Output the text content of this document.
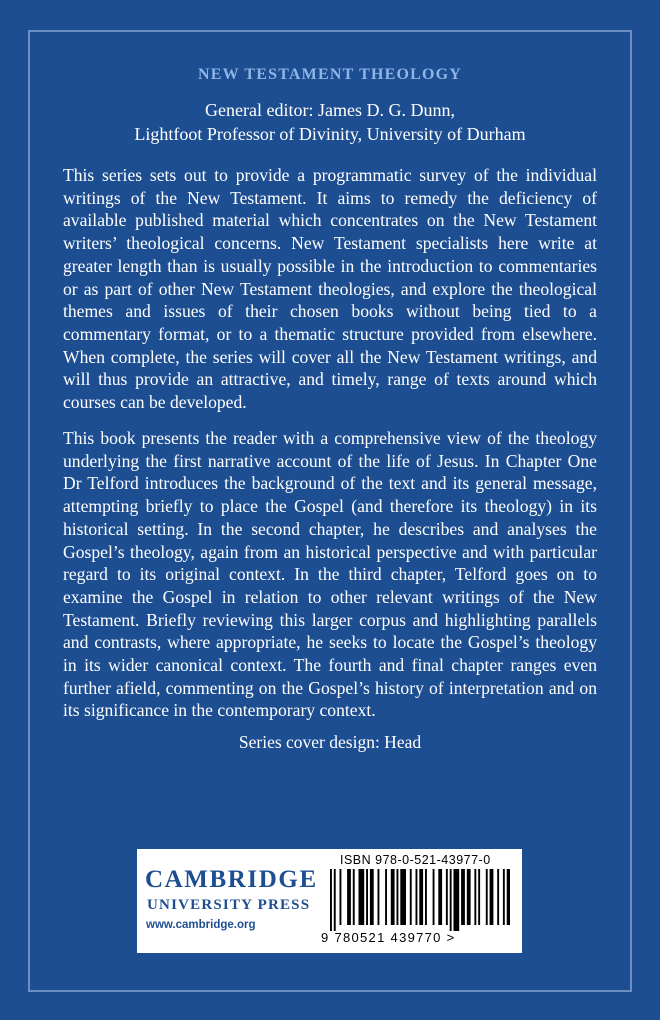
NEW TESTAMENT THEOLOGY
General editor: James D. G. Dunn,
Lightfoot Professor of Divinity, University of Durham
This series sets out to provide a programmatic survey of the individual writings of the New Testament. It aims to remedy the deficiency of available published material which concentrates on the New Testament writers’ theological concerns. New Testament specialists here write at greater length than is usually possible in the introduction to commentaries or as part of other New Testament theologies, and explore the theological themes and issues of their chosen books without being tied to a commentary format, or to a thematic structure provided from elsewhere. When complete, the series will cover all the New Testament writings, and will thus provide an attractive, and timely, range of texts around which courses can be developed.
This book presents the reader with a comprehensive view of the theology underlying the first narrative account of the life of Jesus. In Chapter One Dr Telford introduces the background of the text and its general message, attempting briefly to place the Gospel (and therefore its theology) in its historical setting. In the second chapter, he describes and analyses the Gospel’s theology, again from an historical perspective and with particular regard to its original context. In the third chapter, Telford goes on to examine the Gospel in relation to other relevant writings of the New Testament. Briefly reviewing this larger corpus and highlighting parallels and contrasts, where appropriate, he seeks to locate the Gospel’s theology in its wider canonical context. The fourth and final chapter ranges even further afield, commenting on the Gospel’s history of interpretation and on its significance in the contemporary context.
Series cover design: Head
CAMBRIDGE
UNIVERSITY PRESS
www.cambridge.org
ISBN 978-0-521-43977-0
9 780521 439770 >
